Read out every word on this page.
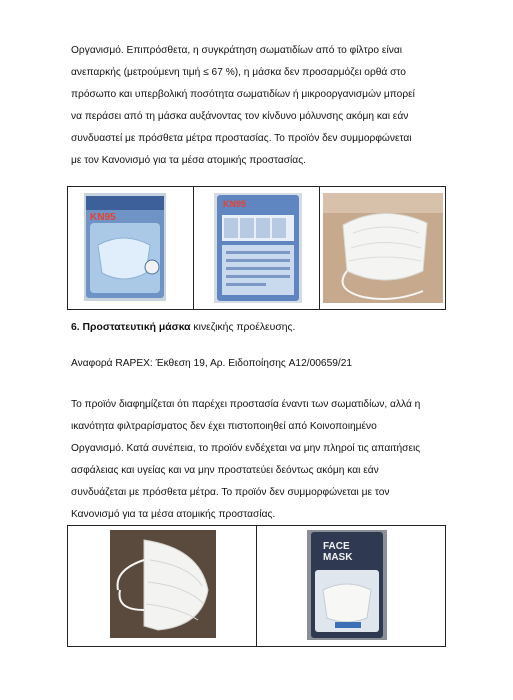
Οργανισμό. Επιπρόσθετα, η συγκράτηση σωματιδίων από το φίλτρο είναι
ανεπαρκής (μετρούμενη τιμή ≤ 67 %), η μάσκα δεν προσαρμόζει ορθά στο
πρόσωπο και υπερβολική ποσότητα σωματιδίων ή μικροοργανισμών μπορεί
να περάσει από τη μάσκα αυξάνοντας τον κίνδυνο μόλυνσης ακόμη και εάν
συνδυαστεί με πρόσθετα μέτρα προστασίας. Το προϊόν δεν συμμορφώνεται
με τον Κανονισμό για τα μέσα ατομικής προστασίας.
KN95

KN95

6. Προστατευτική μάσκα κινεζικής προέλευσης.

Αναφορά RAPEX: Έκθεση 19, Αρ. Ειδοποίησης A12/00659/21

Το προϊόν διαφημίζεται ότι παρέχει προστασία έναντι των σωματιδίων, αλλά η
ικανότητα φιλτραρίσματος δεν έχει πιστοποιηθεί από Κοινοποιημένο
Οργανισμό. Κατά συνέπεια, το προϊόν ενδέχεται να μην πληροί τις απαιτήσεις
ασφάλειας και υγείας και να μην προστατεύει δεόντως ακόμη και εάν
συνδυάζεται με πρόσθετα μέτρα. Το προϊόν δεν συμμορφώνεται με τον
Κανονισμό για τα μέσα ατομικής προστασίας.

FACE
MASK
